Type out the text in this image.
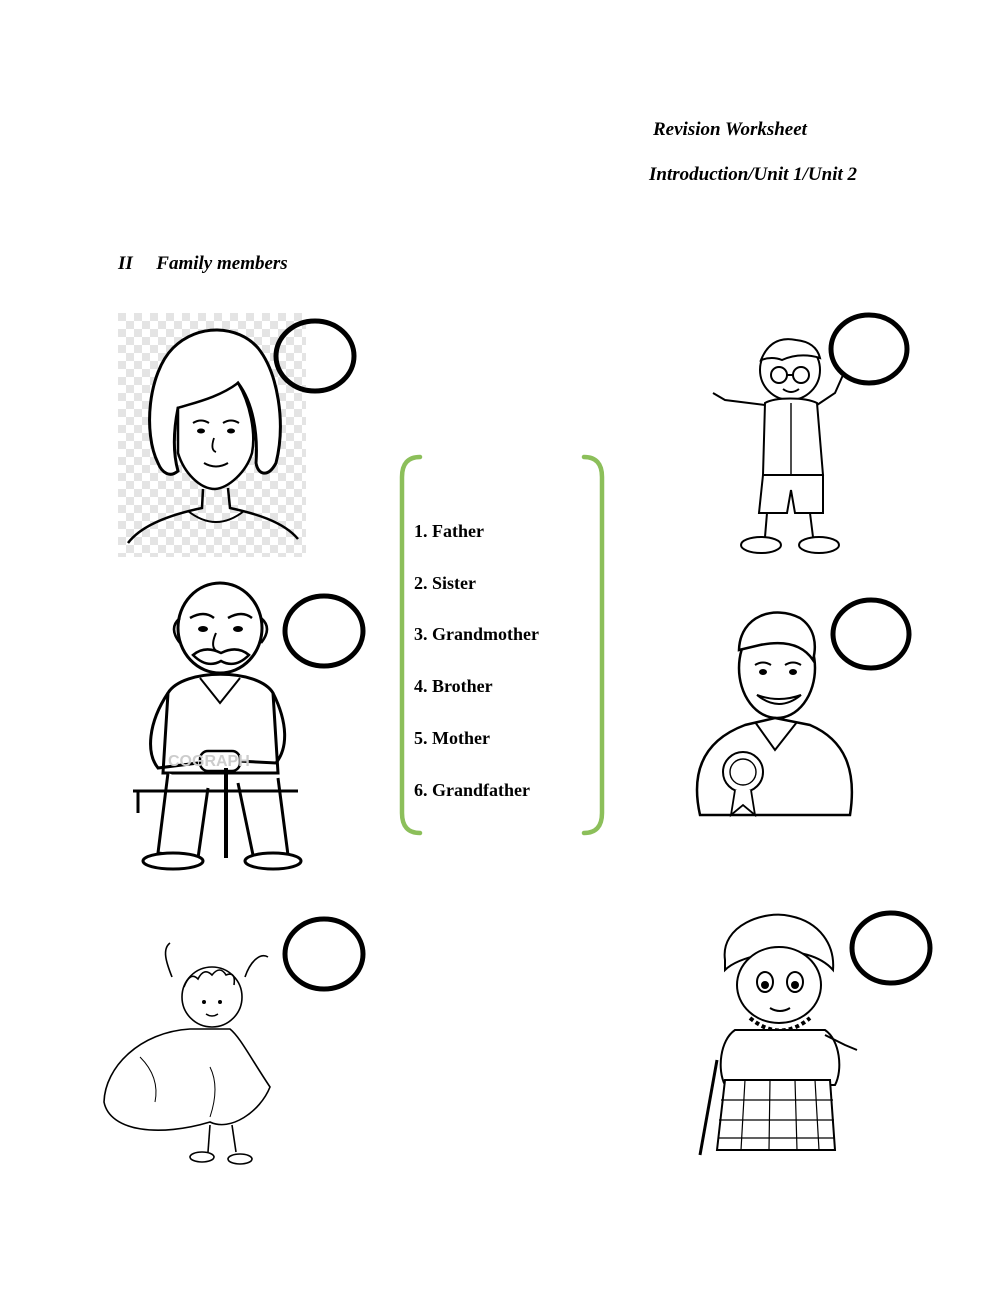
Revision Worksheet
Introduction/Unit 1/Unit 2
II Family members
COGRAPH
1. Father
2. Sister
3. Grandmother
4. Brother
5. Mother
6. Grandfather
